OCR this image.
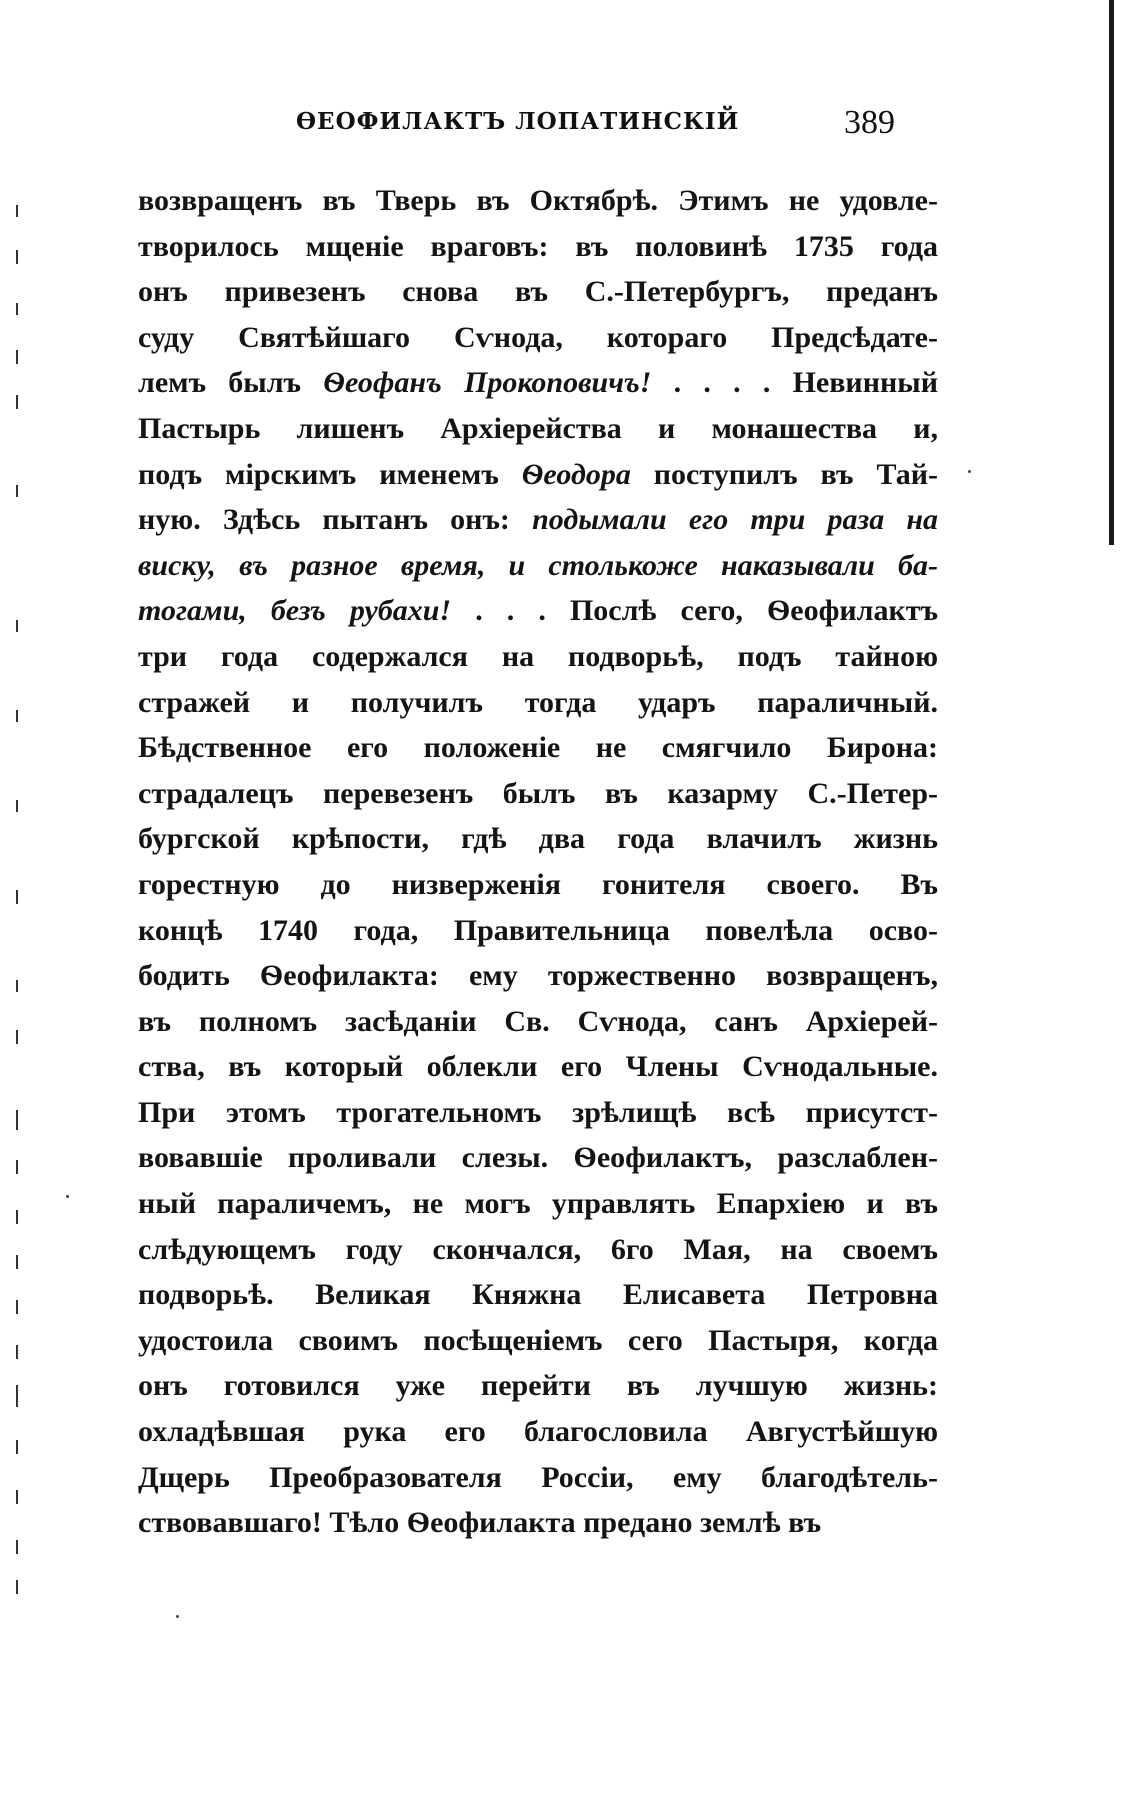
ѲЕОФИЛАКТЪ ЛОПАТИНСКІЙ	389
возвращенъ въ Тверь въ Октябрѣ. Этимъ не удовле-
творилось мщеніе враговъ: въ половинѣ 1735 года
онъ привезенъ снова въ С.-Петербургъ, преданъ
суду Святѣйшаго Сѵнода, котораго Предсѣдате-
лемъ былъ Ѳеофанъ Прокоповичъ! . . . . Невинный
Пастырь лишенъ Архіерейства и монашества и,
подъ мірскимъ именемъ Ѳеодора поступилъ въ Тай-
ную. Здѣсь пытанъ онъ: подымали его три раза на
виску, въ разное время, и столькоже наказывали ба-
тогами, безъ рубахи! . . . Послѣ сего, Ѳеофилактъ
три года содержался на подворьѣ, подъ тайною
стражей и получилъ тогда ударъ параличный.
Бѣдственное его положеніе не смягчило Бирона:
страдалецъ перевезенъ былъ въ казарму С.-Петер-
бургской крѣпости, гдѣ два года влачилъ жизнь
горестную до низверженія гонителя своего. Въ
концѣ 1740 года, Правительница повелѣла осво-
бодить Ѳеофилакта: ему торжественно возвращенъ,
въ полномъ засѣданіи Св. Сѵнода, санъ Архіерей-
ства, въ который облекли его Члены Сѵнодальные.
При этомъ трогательномъ зрѣлищѣ всѣ присутст-
вовавшіе проливали слезы. Ѳеофилактъ, разслаблен-
ный параличемъ, не могъ управлять Епархіею и въ
слѣдующемъ году скончался, 6го Мая, на своемъ
подворьѣ. Великая Княжна Елисавета Петровна
удостоила своимъ посѣщеніемъ сего Пастыря, когда
онъ готовился уже перейти въ лучшую жизнь:
охладѣвшая рука его благословила Августѣйшую
Дщерь Преобразователя Россіи, ему благодѣтель-
ствовавшаго! Тѣло Ѳеофилакта предано землѣ въ
